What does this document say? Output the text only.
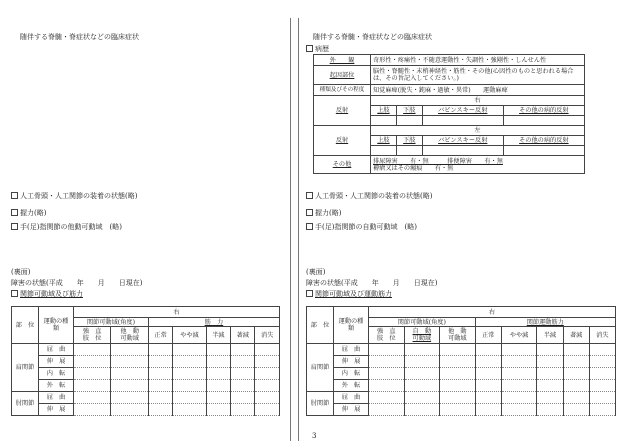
随伴する脊髄・脊症状などの臨床症状
人工骨頭・人工関節の装着の状態(略)
握力(略)
手(足)指関節の他動可動域　(略)
(裏面)
障害の状態(平成　　年　　月　　日現在)
関節可動域及び筋力
部　位	運動の種類	右						
		関節可動域(角度)		筋　力				
		強　直
肢　位	他　動
可動域	正常	やや減	半減	著減	消失
肩関節	屈　曲							
	伸　展							
	内　転							
	外　転							
肘関節	屈　曲							
	伸　展							
随伴する脊髄・脊症状などの臨床症状
病歴
外　　観	奇形性・疼痛性・不随意運動性・失調性・強剛性・しんせん性			
起因部位	脳性・脊髄性・末梢神経性・筋性・その他(心因性のものと思われる場合は、その旨記入してください。)			
種類及びその程度	知覚麻痺(脱失・鈍麻・過敏・異常)　　運動麻痺			
反射	右			
	上肢	下肢	バビンスキー反射	その他の病的反射

反射	左			
	上肢	下肢	バビンスキー反射	その他の病的反射

その他	排尿障害　　有・無　　　排便障害　　有・無
褥瘡又はその瘢痕　　有・無			
人工骨頭・人工関節の装着の状態(略)
握力(略)
手(足)指関節の自動可動域　(略)
(裏面)
障害の状態(平成　　年　　月　　日現在)
関節可動域及び運動筋力
部　位	運動の種類	右							
		関節可動域(角度)			関節運動筋力				
		強　直
肢　位	自　動
可動域	他　動
可動域	正常	やや減	半減	著減	消失
肩関節	屈　曲								
	伸　展								
	内　転								
	外　転								
肘関節	屈　曲								
	伸　展								
3
